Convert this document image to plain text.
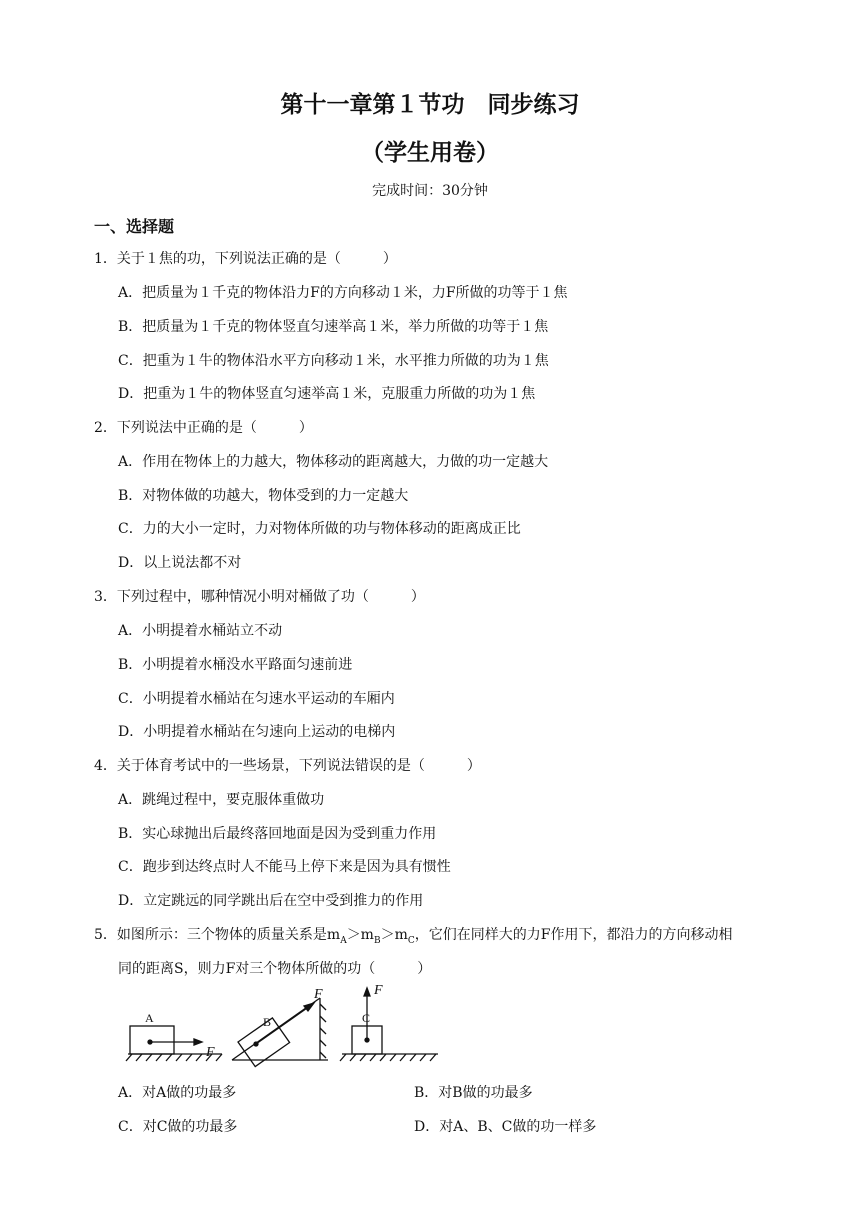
第十一章第１节功　同步练习
（学生用卷）
完成时间：30分钟
一、选择题
1．关于１焦的功，下列说法正确的是（　　　）
A．把质量为１千克的物体沿力F的方向移动１米，力F所做的功等于１焦
B．把质量为１千克的物体竖直匀速举高１米，举力所做的功等于１焦
C．把重为１牛的物体沿水平方向移动１米，水平推力所做的功为１焦
D．把重为１牛的物体竖直匀速举高１米，克服重力所做的功为１焦
2．下列说法中正确的是（　　　）
A．作用在物体上的力越大，物体移动的距离越大，力做的功一定越大
B．对物体做的功越大，物体受到的力一定越大
C．力的大小一定时，力对物体所做的功与物体移动的距离成正比
D．以上说法都不对
3．下列过程中，哪种情况小明对桶做了功（　　　）
A．小明提着水桶站立不动
B．小明提着水桶没水平路面匀速前进
C．小明提着水桶站在匀速水平运动的车厢内
D．小明提着水桶站在匀速向上运动的电梯内
4．关于体育考试中的一些场景，下列说法错误的是（　　　）
A．跳绳过程中，要克服体重做功
B．实心球抛出后最终落回地面是因为受到重力作用
C．跑步到达终点时人不能马上停下来是因为具有惯性
D．立定跳远的同学跳出后在空中受到推力的作用
5．如图所示：三个物体的质量关系是$m_A>m_B>m_C$，它们在同样大的力F作用下，都沿力的方向移动相
同的距离S，则力F对三个物体所做的功（　　　）
A
F
B
F
C
F
A．对A做的功最多	B．对B做的功最多
C．对C做的功最多	D．对A、B、C做的功一样多
